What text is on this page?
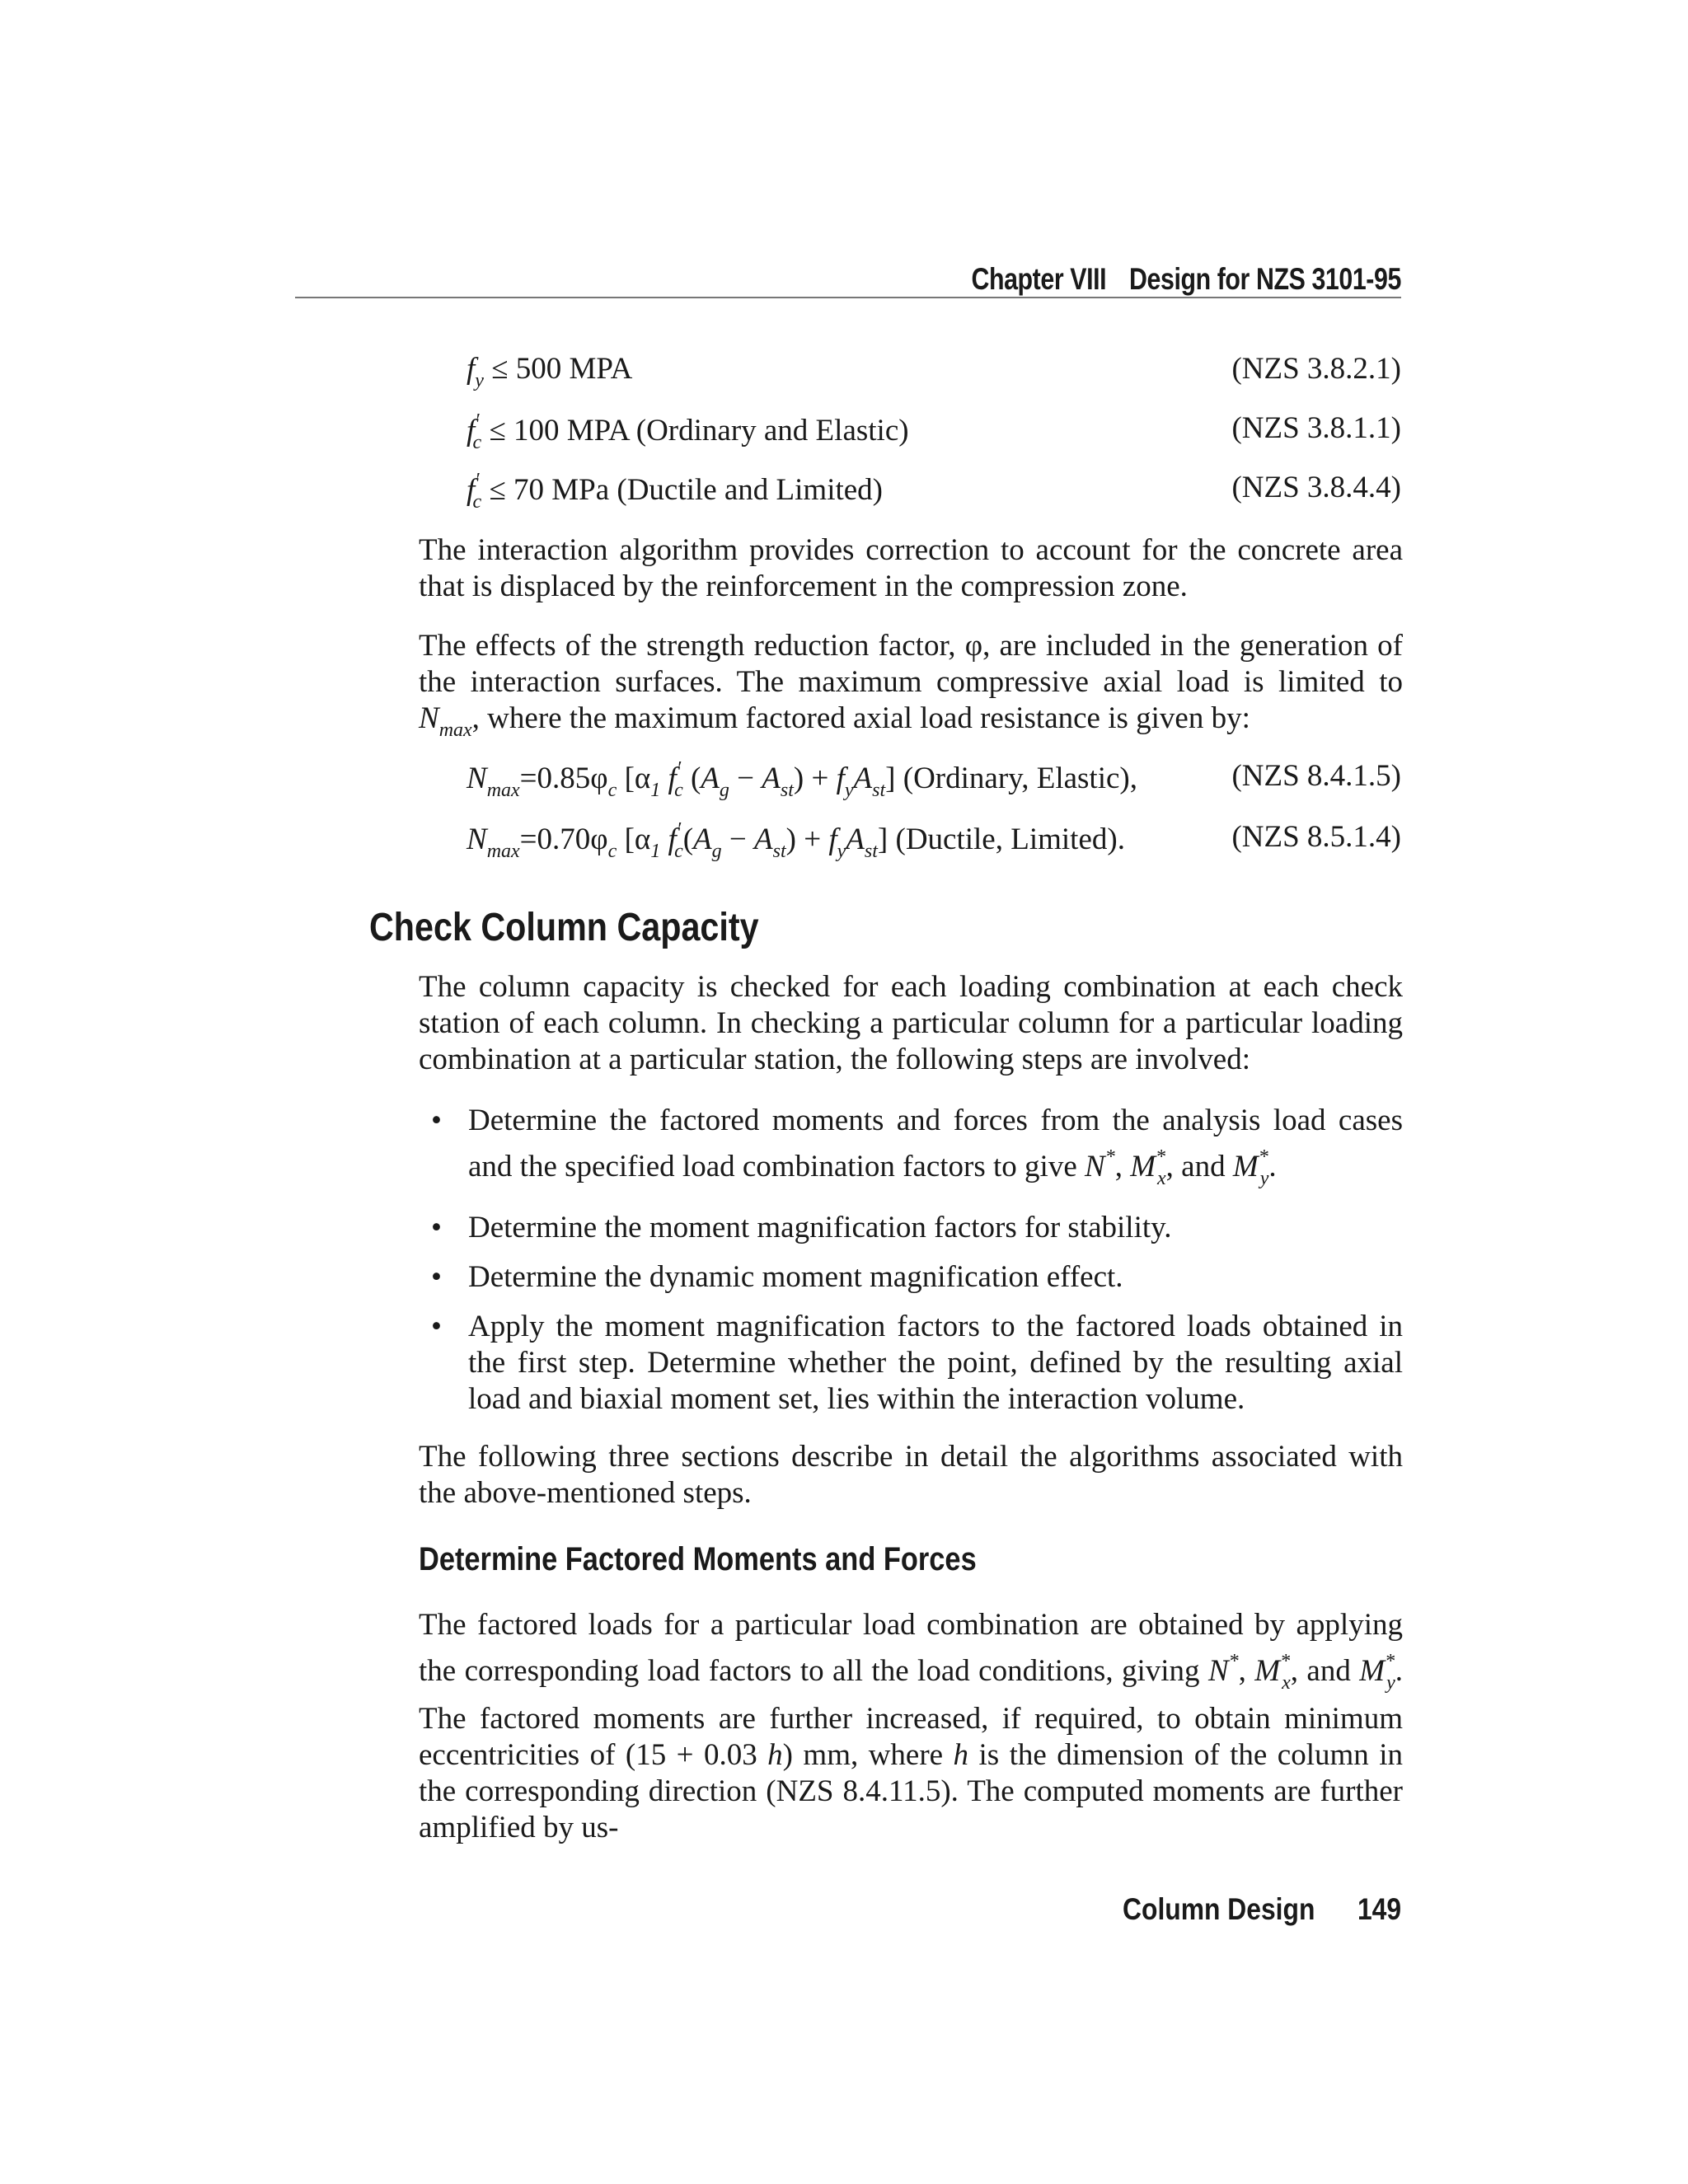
Chapter VIII Design for NZS 3101-95
$f_y \le 500$ MPA	(NZS 3.8.2.1)
$f'_c \le 100$ MPA (Ordinary and Elastic)	(NZS 3.8.1.1)
$f'_c \le 70$ MPa (Ductile and Limited)	(NZS 3.8.4.4)

The interaction algorithm provides correction to account for the concrete area that is displaced by the reinforcement in the compression zone.

The effects of the strength reduction factor, φ, are included in the generation of the interaction surfaces. The maximum compressive axial load is limited to $N_{max}$, where the maximum factored axial load resistance is given by:

$N_{max}=0.85\varphi_c$ [$\alpha_1$ $f'_c$ $(A_g - A_{st}) + f_yA_{st}$] (Ordinary, Elastic),	(NZS 8.4.1.5)
$N_{max}=0.70\varphi_c$ [$\alpha_1$ $f'_c(A_g - A_{st}) + f_yA_{st}$] (Ductile, Limited).	(NZS 8.5.1.4)
Check Column Capacity

The column capacity is checked for each loading combination at each check station of each column. In checking a particular column for a particular loading combination at a particular station, the following steps are involved:

• Determine the factored moments and forces from the analysis load cases and the specified load combination factors to give N*, $M^*_x$, and $M^*_y$.
• Determine the moment magnification factors for stability.
• Determine the dynamic moment magnification effect.
• Apply the moment magnification factors to the factored loads obtained in the first step. Determine whether the point, defined by the resulting axial load and biaxial moment set, lies within the interaction volume.

The following three sections describe in detail the algorithms associated with the above-mentioned steps.

Determine Factored Moments and Forces

The factored loads for a particular load combination are obtained by applying the corresponding load factors to all the load conditions, giving N*, $M^*_x$, and $M^*_y$. The factored moments are further increased, if required, to obtain minimum eccentricities of (15 + 0.03 h) mm, where h is the dimension of the column in the corresponding direction (NZS 8.4.11.5). The computed moments are further amplified by us-

Column Design 149
